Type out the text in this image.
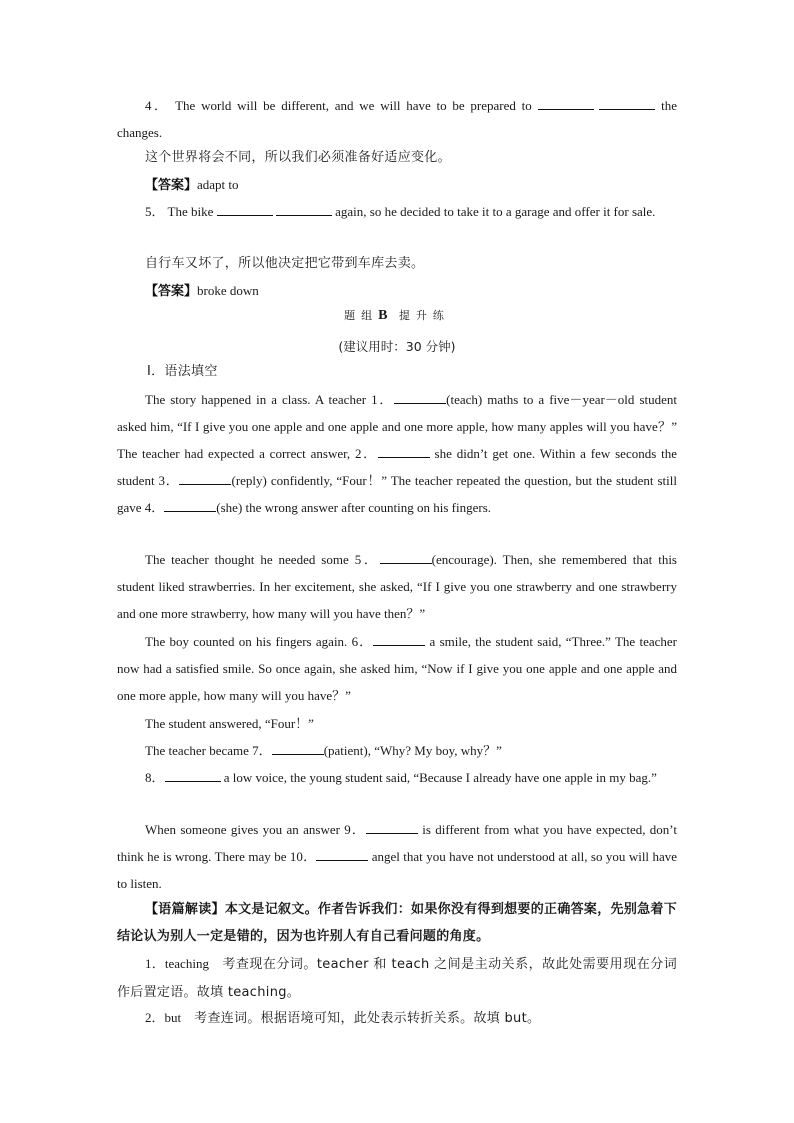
4． The world will be different, and we will have to be prepared to	the changes.

这个世界将会不同，所以我们必须准备好适应变化。

【答案】adapt to

5． The bike	again, so he decided to take it to a garage and offer it for sale.

自行车又坏了，所以他决定把它带到车库去卖。

【答案】broke down

题组B 提升练

(建议用时：30 分钟)

Ⅰ．语法填空

The story happened in a class. A teacher 1．	(teach) maths to a five－year－old student asked him, “If I give you one apple and one apple and one more apple, how many apples will you have？” The teacher had expected a correct answer, 2．	she didn’t get one. Within a few seconds the student 3．	(reply) confidently, “Four！” The teacher repeated the question, but the student still gave 4．	(she) the wrong answer after counting on his fingers.

The teacher thought he needed some 5．	(encourage). Then, she remembered that this student liked strawberries. In her excitement, she asked, “If I give you one strawberry and one strawberry and one more strawberry, how many will you have then？”

The boy counted on his fingers again. 6．	a smile, the student said, “Three.” The teacher now had a satisfied smile. So once again, she asked him, “Now if I give you one apple and one apple and one more apple, how many will you have？”

The student answered, “Four！”

The teacher became 7．	(patient), “Why? My boy, why？”

8．	a low voice, the young student said, “Because I already have one apple in my bag.”

When someone gives you an answer 9．	is different from what you have expected, don’t think he is wrong. There may be 10．	angel that you have not understood at all, so you will have to listen.

【语篇解读】本文是记叙文。作者告诉我们：如果你没有得到想要的正确答案，先别急着下结论认为别人一定是错的，因为也许别人有自己看问题的角度。

1．teaching　 考查现在分词。teacher 和 teach 之间是主动关系，故此处需要用现在分词作后置定语。故填 teaching。

2．but　 考查连词。根据语境可知，此处表示转折关系。故填 but。
